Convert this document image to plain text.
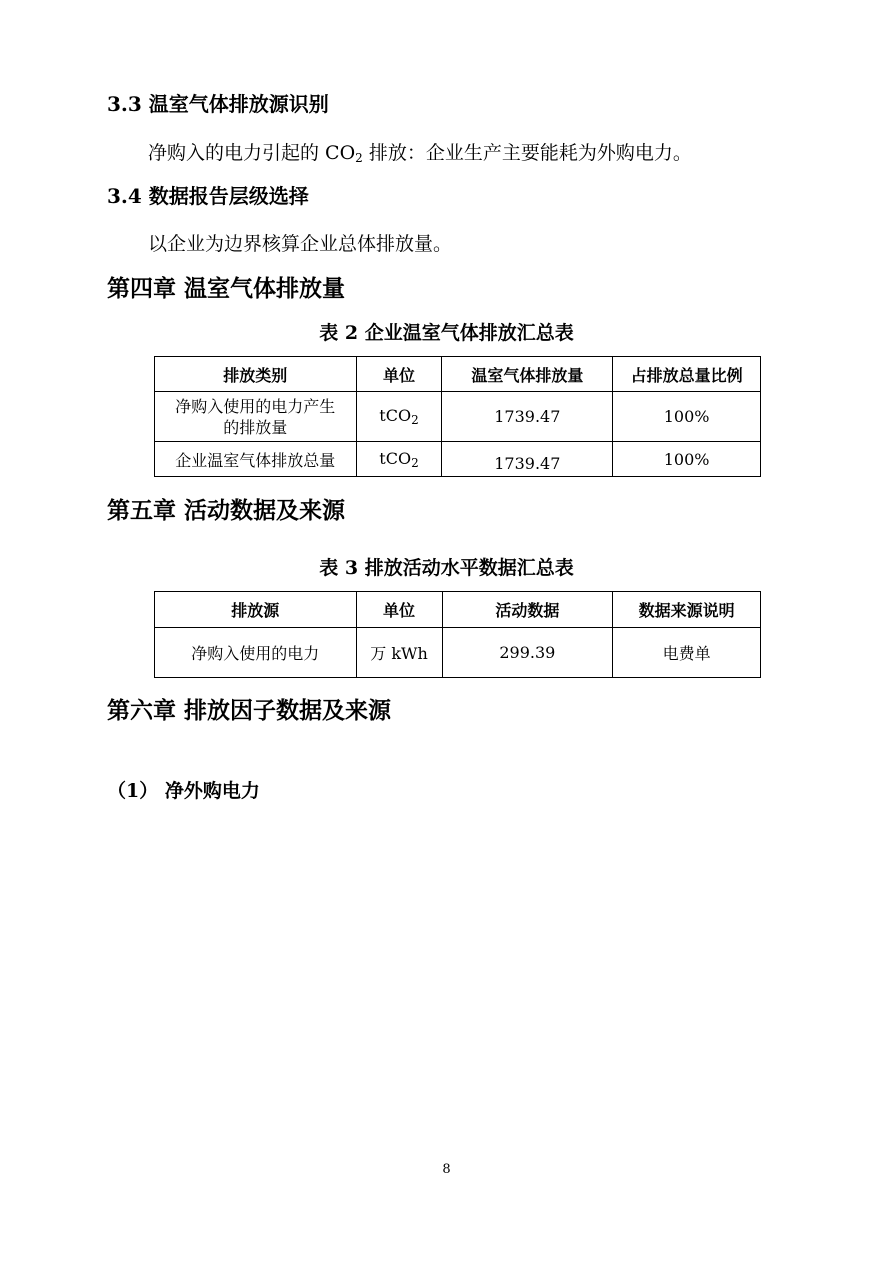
3.3 温室气体排放源识别
净购入的电力引起的 $CO_2$ 排放：企业生产主要能耗为外购电力。
3.4 数据报告层级选择
以企业为边界核算企业总体排放量。
第四章 温室气体排放量
表 2 企业温室气体排放汇总表
排放类别	单位	温室气体排放量	占排放总量比例

净购入使用的电力产生
的排放量	tCO$_2$	1739.47	100%
企业温室气体排放总量	tCO$_2$	1739.47	100%
第五章 活动数据及来源
表 3 排放活动水平数据汇总表
排放源	单位	活动数据	数据来源说明
净购入使用的电力	万 kWh	299.39	电费单
第六章 排放因子数据及来源
（1） 净外购电力
8
